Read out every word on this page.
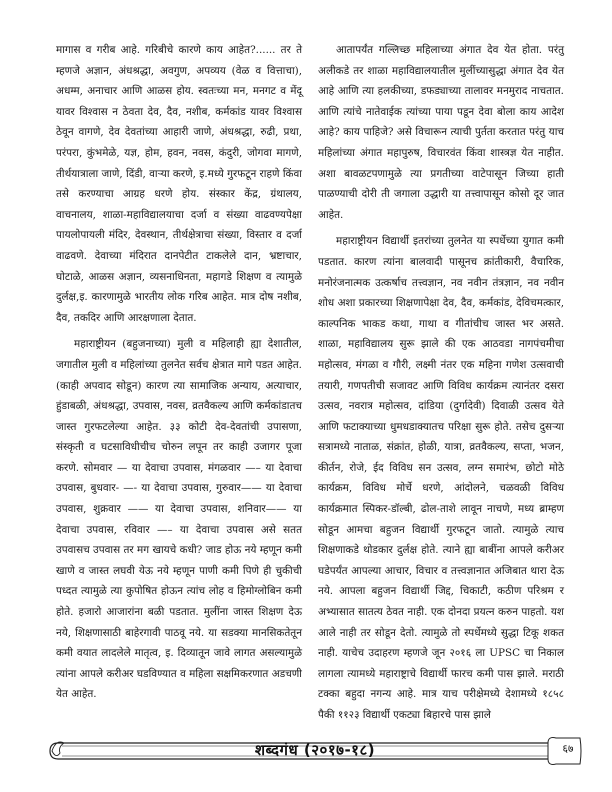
मागास व गरीब आहे. गरिबीचे कारणे काय आहेत?...... तर ते म्हणजे अज्ञान, अंधश्रद्धा, अवगुण, अपव्यय (वेळ व वित्ताचा), अधम्म, अनाचार आणि आळस होय. स्वतःच्या मन, मनगट व मेंदू यावर विश्वास न ठेवता देव, दैव, नशीब, कर्मकांड यावर विश्वास ठेवून वागणे, देव देवतांच्या आहारी जाणे, अंधश्रद्धा, रुढी, प्रथा, परंपरा, कुंभमेळे, यज्ञ, होम, हवन, नवस, कंदुरी, जोगवा मागणे, तीर्थयात्राला जाणे, दिंडी, वाऱ्या करणे, इ.मध्ये गुरफटून राहणे किंवा तसे करण्याचा आग्रह धरणे होय. संस्कार केंद्र, ग्रंथालय, वाचनालय, शाळा-महाविद्यालयाचा दर्जा व संख्या वाढवण्यपेक्षा पायलोपायली मंदिर, देवस्थान, तीर्थक्षेत्राचा संख्या, विस्तार व दर्जा वाढवणे. देवाच्या मंदिरात दानपेटीत टाकलेले दान, भ्रष्टाचार, घोटाळे, आळस अज्ञान, व्यसनाधिनता, महागडे शिक्षण व त्यामुळे दुर्लक्ष,इ. कारणामुळे भारतीय लोक गरिब आहेत. मात्र दोष नशीब, दैव, तकदिर आणि आरक्षणाला देतात.

महाराष्ट्रीयन (बहुजनाच्या) मुली व महिलाही ह्या देशातील, जगातील मुली व महिलांच्या तुलनेत सर्वच क्षेत्रात मागे पडत आहेत. (काही अपवाद सोडून) कारण त्या सामाजिक अन्याय, अत्याचार, हुंडाबळी, अंधश्रद्धा, उपवास, नवस, व्रतवैकल्य आणि कर्मकांडातच जास्त गुरफटलेल्या आहेत. ३३ कोटी देव-देवतांची उपासणा, संस्कृती व घटसाविधीचीच चोरुन लपून तर काही उजागर पूजा करणे. सोमवार — या देवाचा उपवास, मंगळवार —– या देवाचा उपवास, बुधवार- —- या देवाचा उपवास, गुरुवार—— या देवाचा उपवास, शुक्रवार —— या देवाचा उपवास, शनिवार—— या देवाचा उपवास, रविवार —– या देवाचा उपवास असे सतत उपवासच उपवास तर मग खायचे कधी? जाड होऊ नये म्हणून कमी खाणे व जास्त लघवी येऊ नये म्हणून पाणी कमी पिणे ही चुकीची पध्दत त्यामुळे त्या कुपोषित होऊन त्यांच लोह व हिमोग्लोबिन कमी होते. हजारो आजारांना बळी पडतात. मुलींना जास्त शिक्षण देऊ नये, शिक्षणासाठी बाहेरगावी पाठवू नये. या सडक्या मानसिकतेतून कमी वयात लादलेले मातृत्व, इ. दिव्यातून जावे लागत असल्यामुळे त्यांना आपले करीअर घडविण्यात व महिला सक्षमिकरणात अडचणी येत आहेत.

आतापर्यंत गल्लिच्छ महिलाच्या अंगात देव येत होता. परंतु अलीकडे तर शाळा महाविद्यालयातील मुलींच्यासुद्धा अंगात देव येत आहे आणि त्या हलकीच्या, डफड्याच्या तालावर मनमुराद नाचतात. आणि त्यांचे नातेवाईक त्यांच्या पाया पडून देवा बोला काय आदेश आहे? काय पाहिजे? असे विचारून त्याची पुर्तता करतात परंतु याच महिलांच्या अंगात महापुरुष, विचारवंत किंवा शास्त्रज्ञ येत नाहीत. अशा बावळटपणामुळे त्या प्रगतीच्या वाटेपासून जिच्या हाती पाळण्याची दोरी ती जगाला उद्धारी या तत्त्वापासून कोसो दूर जात आहेत.

महाराष्ट्रीयन विद्यार्थी इतरांच्या तुलनेत या स्पर्धेच्या युगात कमी पडतात. कारण त्यांना बालवादी पासूनच क्रांतीकारी, वैचारिक, मनोरंजनात्मक उत्कर्षाच तत्त्वज्ञान, नव नवीन तंत्रज्ञान, नव नवीन शोध अशा प्रकारच्या शिक्षणापेक्षा देव, दैव, कर्मकांड, देविचमत्कार, काल्पनिक भाकड कथा, गाथा व गीतांचीच जास्त भर असते. शाळा, महाविद्यालय सुरू झाले की एक आठवडा नागपंचमीचा महोत्सव, मंगळा व गौरी, लक्ष्मी नंतर एक महिना गणेश उत्सवाची तयारी, गणपतीची सजावट आणि विविध कार्यक्रम त्यानंतर दसरा उत्सव, नवरात्र महोत्सव, दांडिया (दुर्गादेवी) दिवाळी उत्सव येते आणि फटाक्याच्या धुमधडाक्यातच परिक्षा सुरू होते. तसेच दुसऱ्या सत्रामध्ये नाताळ, संक्रांत, होळी, यात्रा, व्रतवैकल्य, सप्ता, भजन, कीर्तन, रोजे, ईद विविध सन उत्सव, लग्न समारंभ, छोटो मोठे कार्यक्रम, विविध मोर्चे धरणे, आंदोलने, चळवळी विविध कार्यक्रमात स्पिकर-डॉल्बी, ढोल-ताशे लावून नाचणे, मध्य ब्राम्हण सोडून आमचा बहुजन विद्यार्थी गुरफटून जातो. त्यामुळे त्याच शिक्षणाकडे थोडकार दुर्लक्ष होते. त्याने ह्या बाबींना आपले करीअर घडेपर्यंत आपल्या आचार, विचार व तत्त्वज्ञानात अजिबात थारा देऊ नये. आपला बहुजन विद्यार्थी जिद्द, चिकाटी, कठीण परिश्रम र अभ्यासात सातत्य ठेवत नाही. एक दोनदा प्रयत्न करुन पाहतो. यश आले नाही तर सोडून देतो. त्यामुळे तो स्पर्धेमध्ये सुद्धा टिकू शकत नाही. याचेच उदाहरण म्हणजे जून २०१६ ला UPSC चा निकाल लागला त्यामध्ये महाराष्ट्राचे विद्यार्थी फारच कमी पास झाले. मराठी टक्का बहुदा नगन्य आहे. मात्र याच परीक्षेमध्ये देशामध्ये १८५८ पैकी ११२३ विद्यार्थी एकट्या बिहारचे पास झाले

शब्दगंध (२०१७-१८)	६७
